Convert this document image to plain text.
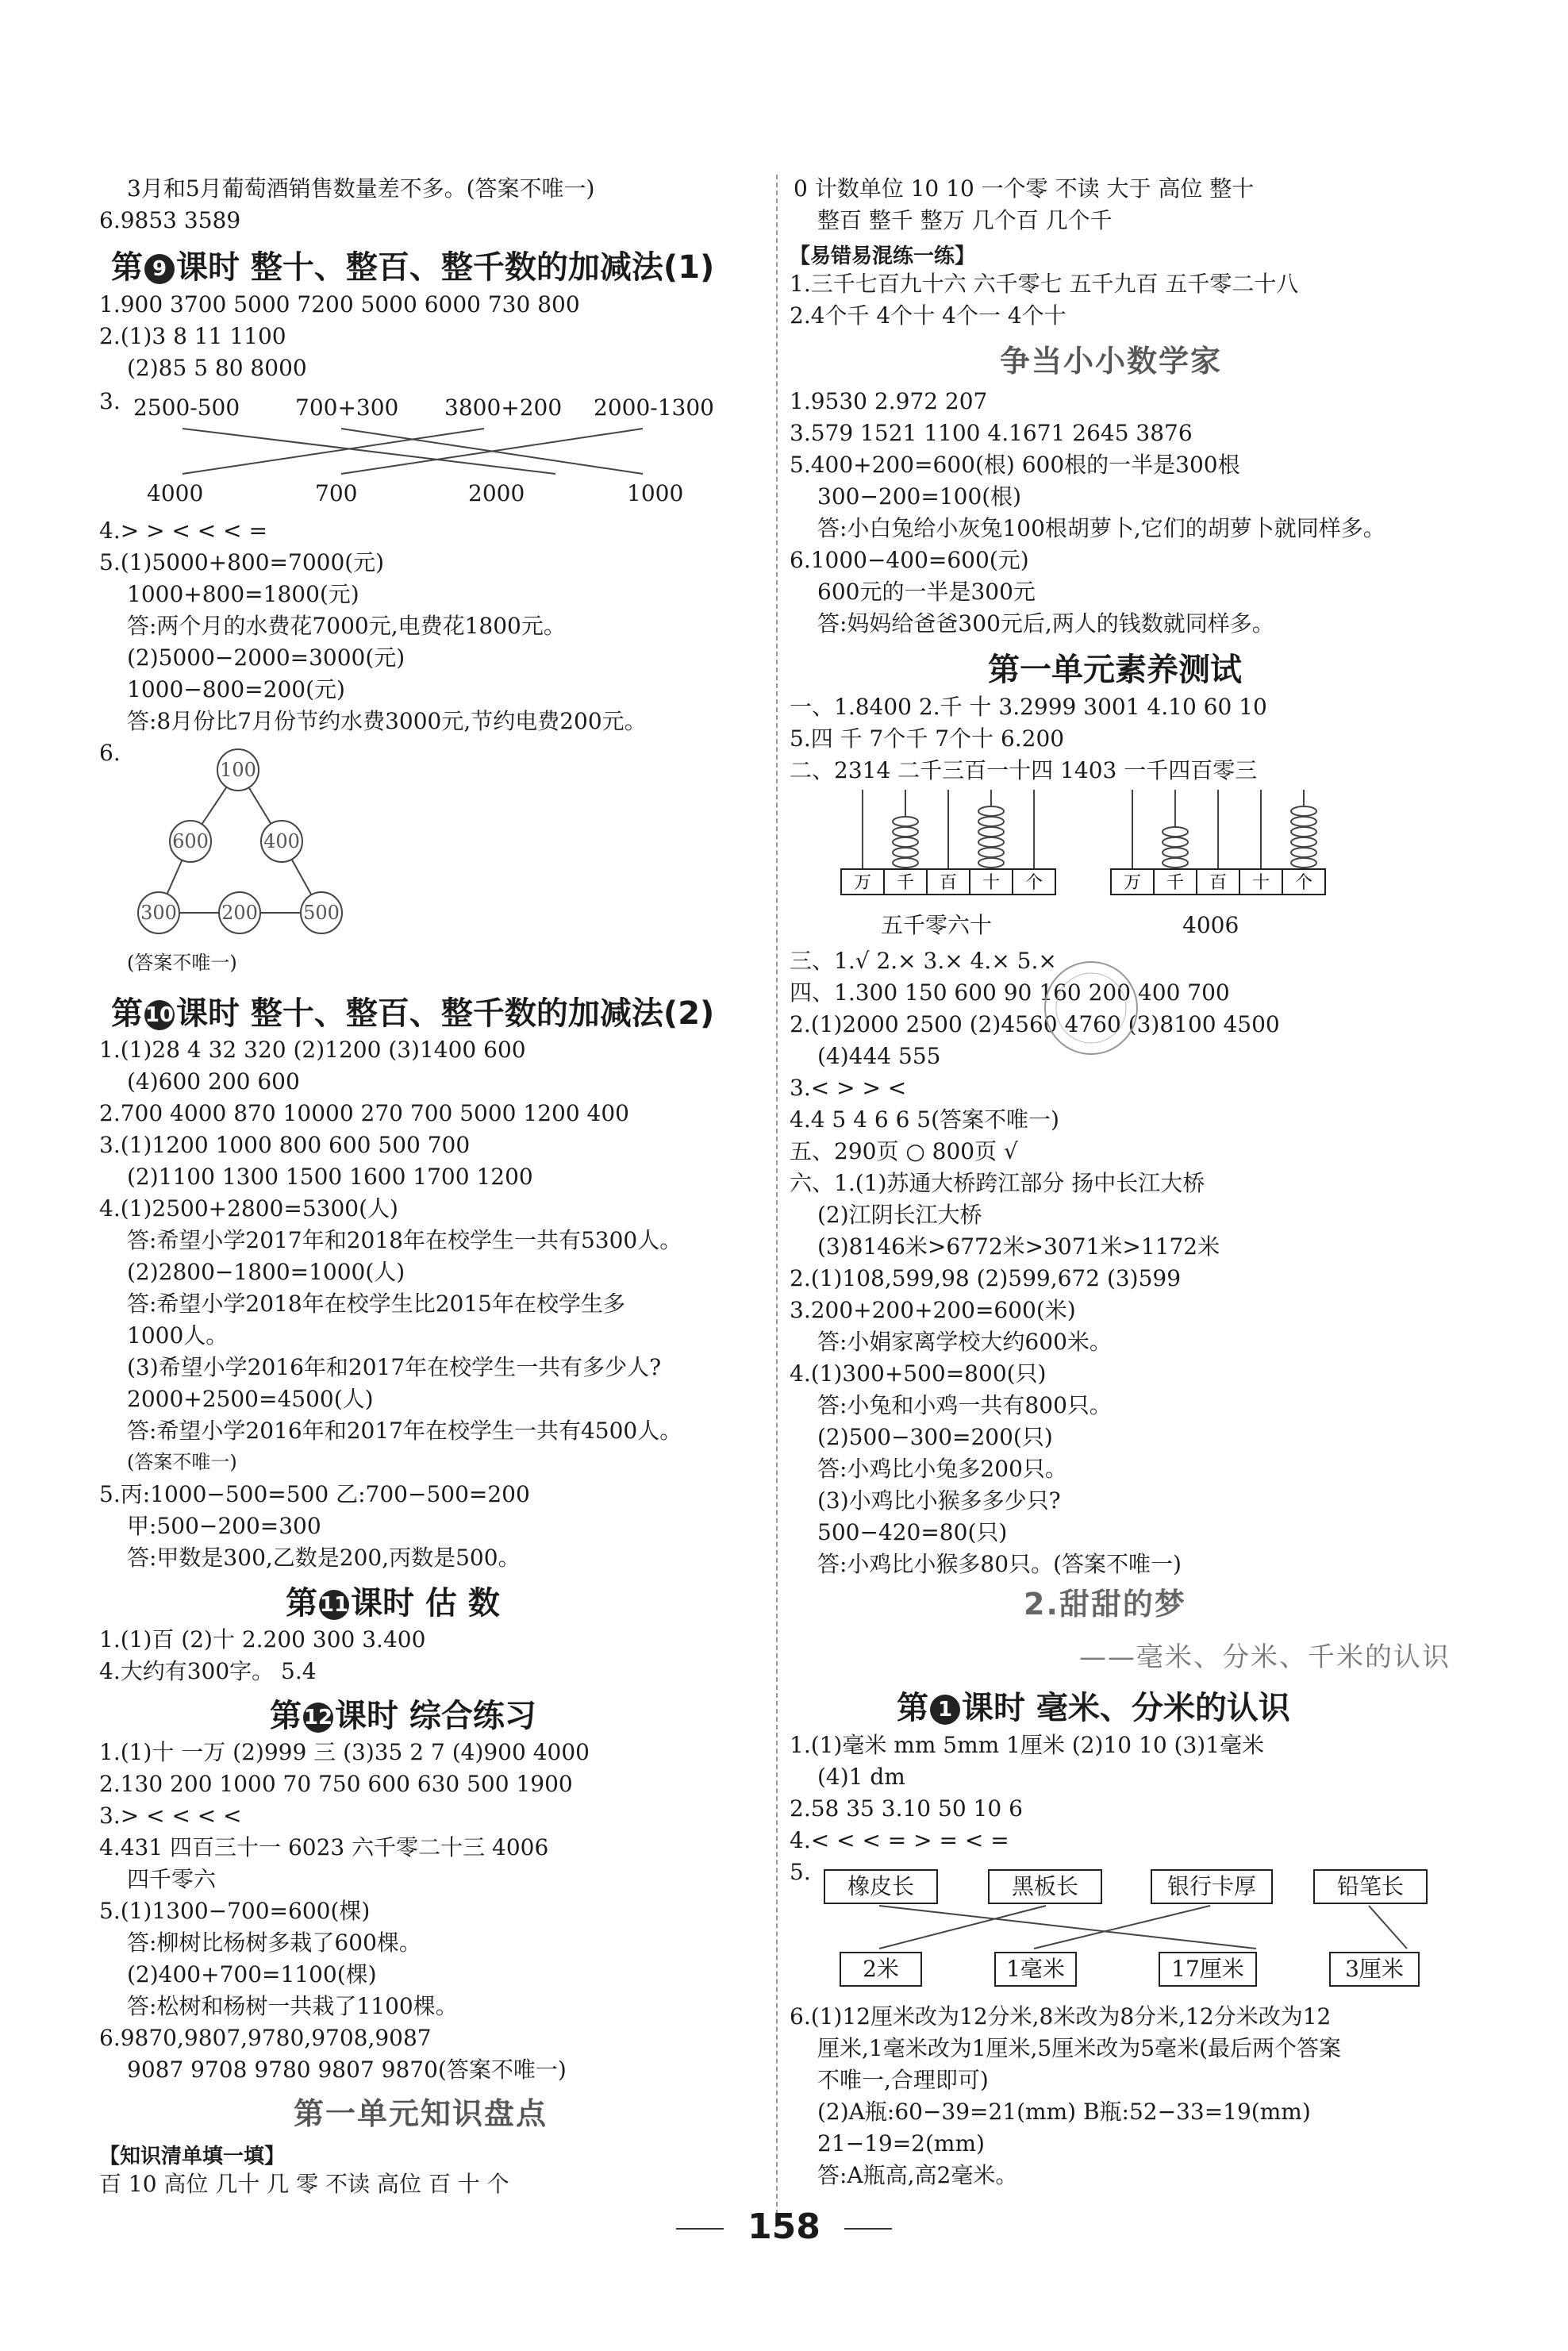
3月和5月葡萄酒销售数量差不多。(答案不唯一)
6.9853 3589
第 9 课时 整十、整百、整千数的加减法(1)
1.900 3700 5000 7200 5000 6000 730 800
2.(1)3 8 11 1100
(2)85 5 80 8000
3. 2500-500 700+300 3800+200 2000-1300
4000	700	2000	1000
4.> > < < < =
5.(1)5000+800=7000(元)
1000+800=1800(元)
答:两个月的水费花7000元,电费花1800元。
(2)5000−2000=3000(元)
1000−800=200(元)
答:8月份比7月份节约水费3000元,节约电费200元。
6.
100
600	400
300 200 500
(答案不唯一)
第 10课时 整十、整百、整千数的加减法(2)
1.(1)28 4 32 320 (2)1200 (3)1400 600
(4)600 200 600
2.700 4000 870 10000 270 700 5000 1200 400
3.(1)1200 1000 800 600 500 700
(2)1100 1300 1500 1600 1700 1200
4.(1)2500+2800=5300(人)
答:希望小学2017年和2018年在校学生一共有5300人。
(2)2800−1800=1000(人)
答:希望小学2018年在校学生比2015年在校学生多
1000人。
(3)希望小学2016年和2017年在校学生一共有多少人?
2000+2500=4500(人)
答:希望小学2016年和2017年在校学生一共有4500人。
(答案不唯一)
5.丙:1000−500=500 乙:700−500=200
甲:500−200=300
答:甲数是300,乙数是200,丙数是500。
第 11课时 估 数
1.(1)百 (2)十 2.200 300 3.400
4.大约有300字。 5.4
第 12课时 综合练习
1.(1)十 一万 (2)999 三 (3)35 2 7 (4)900 4000
2.130 200 1000 70 750 600 630 500 1900
3.> < < < <
4.431 四百三十一 6023 六千零二十三 4006
四千零六
5.(1)1300−700=600(棵)
答:柳树比杨树多栽了600棵。
(2)400+700=1100(棵)
答:松树和杨树一共栽了1100棵。
6.9870,9807,9780,9708,9087
9087 9708 9780 9807 9870(答案不唯一)
第一单元知识盘点
【知识清单填一填】
百 10 高位 几十 几 零 不读 高位 百 十 个
0 计数单位 10 10 一个零 不读 大于 高位 整十
整百 整千 整万 几个百 几个千
【易错易混练一练】
1.三千七百九十六 六千零七 五千九百 五千零二十八
2.4个千 4个十 4个一 4个十
争当小小数学家
1.9530 2.972 207
3.579 1521 1100 4.1671 2645 3876
5.400+200=600(根) 600根的一半是300根
300−200=100(根)
答:小白兔给小灰兔100根胡萝卜,它们的胡萝卜就同样多。
6.1000−400=600(元)
600元的一半是300元
答:妈妈给爸爸300元后,两人的钱数就同样多。
第一单元素养测试
一、1.8400 2.千 十 3.2999 3001 4.10 60 10
5.四 千 7个千 7个十 6.200
二、2314 二千三百一十四 1403 一千四百零三
万 千 百 十 个
五千零六十
万 千 百 十 个
4006
三、1.√ 2.× 3.× 4.× 5.×
四、1.300 150 600 90 160 200 400 700
2.(1)2000 2500 (2)4560 4760 (3)8100 4500
(4)444 555
3.< > > <
4.4 5 4 6 6 5(答案不唯一)
五、290页 ○ 800页 √
六、1.(1)苏通大桥跨江部分 扬中长江大桥
(2)江阴长江大桥
(3)8146米>6772米>3071米>1172米
2.(1)108,599,98 (2)599,672 (3)599
3.200+200+200=600(米)
答:小娟家离学校大约600米。
4.(1)300+500=800(只)
答:小兔和小鸡一共有800只。
(2)500−300=200(只)
答:小鸡比小兔多200只。
(3)小鸡比小猴多多少只?
500−420=80(只)
答:小鸡比小猴多80只。(答案不唯一)
2.甜甜的梦
——毫米、分米、千米的认识
第 1 课时 毫米、分米的认识
1.(1)毫米 mm 5mm 1厘米 (2)10 10 (3)1毫米
(4)1 dm
2.58 35 3.10 50 10 6
4.< < < = > = < =
5.
橡皮长	黑板长	银行卡厚	铅笔长
2米	1毫米	17厘米	3厘米
6.(1)12厘米改为12分米,8米改为8分米,12分米改为12
厘米,1毫米改为1厘米,5厘米改为5毫米(最后两个答案
不唯一,合理即可)
(2)A瓶:60−39=21(mm) B瓶:52−33=19(mm)
21−19=2(mm)
答:A瓶高,高2毫米。
158
